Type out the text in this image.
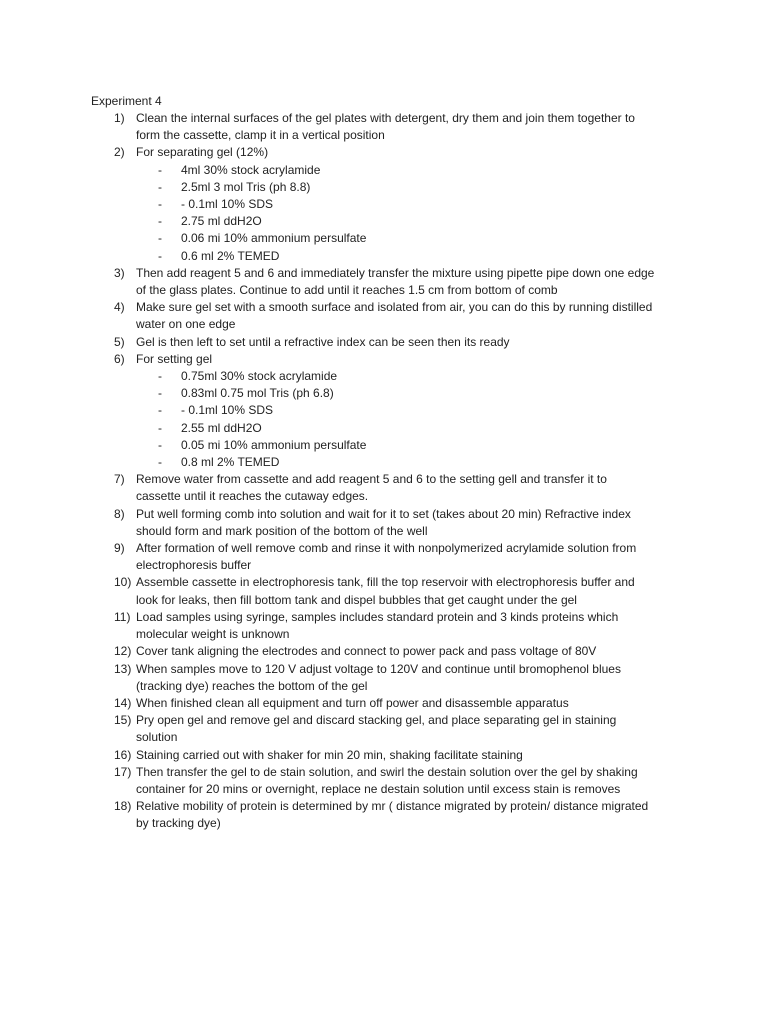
Experiment 4
1) Clean the internal surfaces of the gel plates with detergent, dry them and join them together to
form the cassette, clamp it in a vertical position
2) For separating gel (12%)
- 4ml 30% stock acrylamide
- 2.5ml 3 mol Tris (ph 8.8)
- - 0.1ml 10% SDS
- 2.75 ml ddH2O
- 0.06 mi 10% ammonium persulfate
- 0.6 ml 2% TEMED
3) Then add reagent 5 and 6 and immediately transfer the mixture using pipette pipe down one edge
of the glass plates. Continue to add until it reaches 1.5 cm from bottom of comb
4) Make sure gel set with a smooth surface and isolated from air, you can do this by running distilled
water on one edge
5) Gel is then left to set until a refractive index can be seen then its ready
6) For setting gel
- 0.75ml 30% stock acrylamide
- 0.83ml 0.75 mol Tris (ph 6.8)
- - 0.1ml 10% SDS
- 2.55 ml ddH2O
- 0.05 mi 10% ammonium persulfate
- 0.8 ml 2% TEMED
7) Remove water from cassette and add reagent 5 and 6 to the setting gell and transfer it to
cassette until it reaches the cutaway edges.
8) Put well forming comb into solution and wait for it to set (takes about 20 min) Refractive index
should form and mark position of the bottom of the well
9) After formation of well remove comb and rinse it with nonpolymerized acrylamide solution from
electrophoresis buffer
10) Assemble cassette in electrophoresis tank, fill the top reservoir with electrophoresis buffer and
look for leaks, then fill bottom tank and dispel bubbles that get caught under the gel
11) Load samples using syringe, samples includes standard protein and 3 kinds proteins which
molecular weight is unknown
12) Cover tank aligning the electrodes and connect to power pack and pass voltage of 80V
13) When samples move to 120 V adjust voltage to 120V and continue until bromophenol blues
(tracking dye) reaches the bottom of the gel
14) When finished clean all equipment and turn off power and disassemble apparatus
15) Pry open gel and remove gel and discard stacking gel, and place separating gel in staining
solution
16) Staining carried out with shaker for min 20 min, shaking facilitate staining
17) Then transfer the gel to de stain solution, and swirl the destain solution over the gel by shaking
container for 20 mins or overnight, replace ne destain solution until excess stain is removes
18) Relative mobility of protein is determined by mr ( distance migrated by protein/ distance migrated
by tracking dye)
